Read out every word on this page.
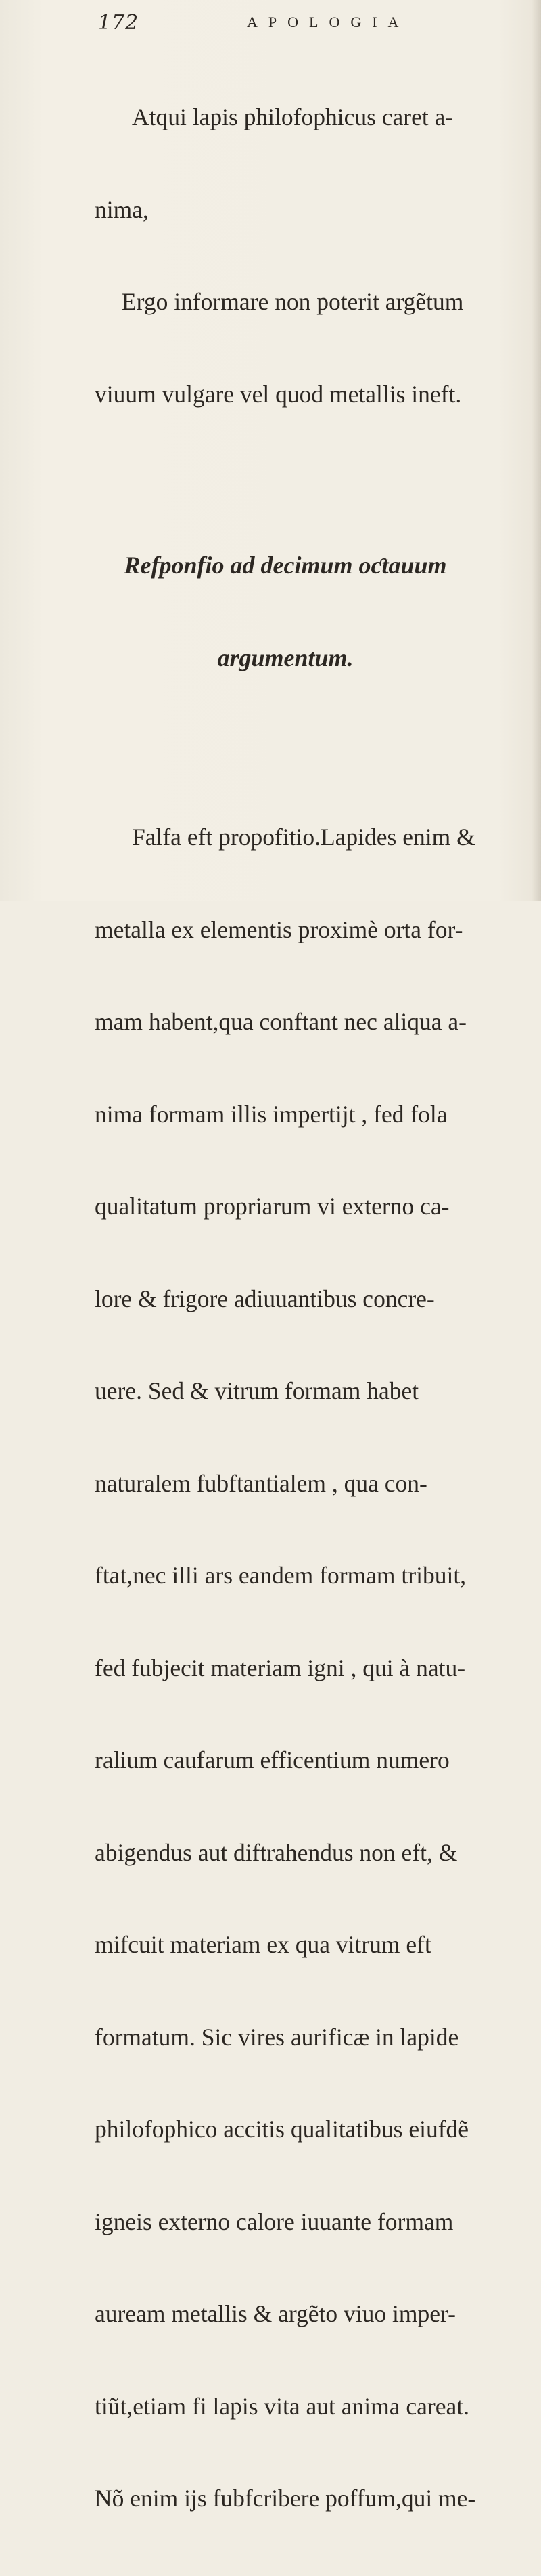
172	APOLOGIA

Atqui lapis philofophicus caret a-

nima,

Ergo informare non poterit argẽtum

viuum vulgare vel quod metallis ineft.

Refponfio ad decimum oƈtauum

argumentum.

Falfa eft propofitio.Lapides enim &

metalla ex elementis proximè orta for-

mam habent,qua conftant nec aliqua a-

nima formam illis impertijt , fed fola

qualitatum propriarum vi externo ca-

lore & frigore adiuuantibus concre-

uere. Sed & vitrum formam habet

naturalem fubftantialem , qua con-

ftat,nec illi ars eandem formam tribuit,

fed fubjecit materiam igni , qui à natu-

ralium caufarum efficentium numero

abigendus aut diftrahendus non eft, &

mifcuit materiam ex qua vitrum eft

formatum. Sic vires aurificæ in lapide

philofophico accitis qualitatibus eiufdẽ

igneis externo calore iuuante formam

auream metallis & argẽto viuo imper-

tiũt,etiam fi lapis vita aut anima careat.

Nõ enim ijs fubfcribere poffum,qui me-
